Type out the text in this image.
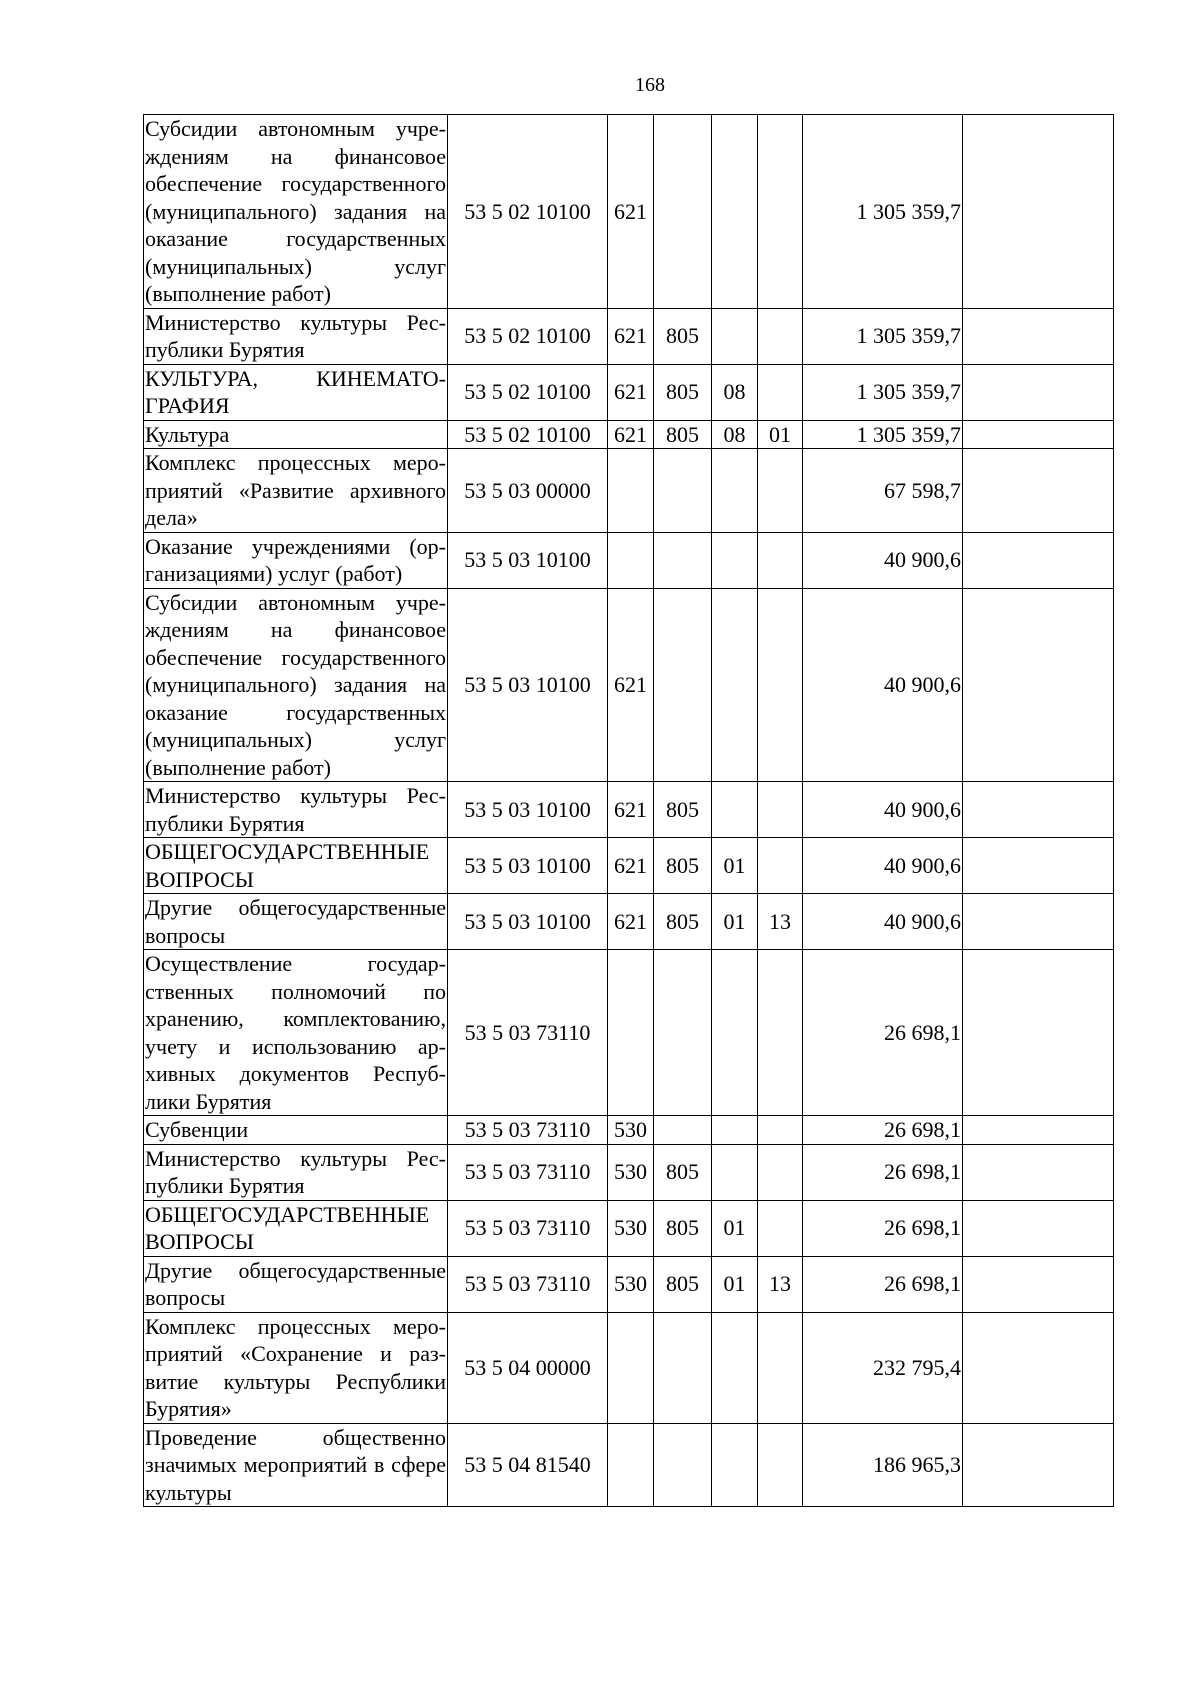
168
Субсидии автономным учреждениям на финансовое обеспечение государственного (муниципального) задания на оказание государственных (муниципальных) услуг (выполнение работ)	53 5 02 10100	621				1 305 359,7	
Министерство культуры Республики Бурятия	53 5 02 10100	621	805			1 305 359,7	
КУЛЬТУРА, КИНЕМАТОГРАФИЯ	53 5 02 10100	621	805	08		1 305 359,7	
Культура	53 5 02 10100	621	805	08	01	1 305 359,7	
Комплекс процессных мероприятий «Развитие архивного дела»	53 5 03 00000					67 598,7	
Оказание учреждениями (организациями) услуг (работ)	53 5 03 10100					40 900,6	
Субсидии автономным учреждениям на финансовое обеспечение государственного (муниципального) задания на оказание государственных (муниципальных) услуг (выполнение работ)	53 5 03 10100	621				40 900,6	
Министерство культуры Республики Бурятия	53 5 03 10100	621	805			40 900,6	
ОБЩЕГОСУДАРСТВЕННЫЕ ВОПРОСЫ	53 5 03 10100	621	805	01		40 900,6	
Другие общегосударственные вопросы	53 5 03 10100	621	805	01	13	40 900,6	
Осуществление государственных полномочий по хранению, комплектованию, учету и использованию архивных документов Республики Бурятия	53 5 03 73110					26 698,1	
Субвенции	53 5 03 73110	530				26 698,1	
Министерство культуры Республики Бурятия	53 5 03 73110	530	805			26 698,1	
ОБЩЕГОСУДАРСТВЕННЫЕ ВОПРОСЫ	53 5 03 73110	530	805	01		26 698,1	
Другие общегосударственные вопросы	53 5 03 73110	530	805	01	13	26 698,1	
Комплекс процессных мероприятий «Сохранение и развитие культуры Республики Бурятия»	53 5 04 00000					232 795,4	
Проведение общественно значимых мероприятий в сфере культуры	53 5 04 81540					186 965,3	
